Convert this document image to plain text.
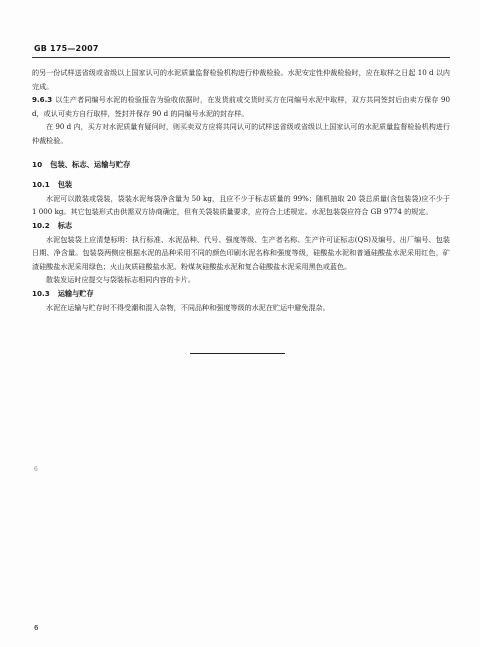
GB 175—2007

的另一份试样送省级或省级以上国家认可的水泥质量监督检验机构进行仲裁检验。水泥安定性仲裁检验时，应在取样之日起 10 d 以内完成。

9.6.3 以生产者同编号水泥的检验报告为验收依据时，在发货前或交货时买方在同编号水泥中取样，双方共同签封后由卖方保存 90 d，或认可卖方自行取样，签封并保存 90 d 的同编号水泥的封存样。

在 90 d 内，买方对水泥质量有疑问时，则买卖双方应将共同认可的试样送省级或省级以上国家认可的水泥质量监督检验机构进行仲裁检验。

10 包装、标志、运输与贮存

10.1 包装

水泥可以散装或袋装，袋装水泥每袋净含量为 50 kg，且应不少于标志质量的 99%；随机抽取 20 袋总质量(含包装袋)应不少于 1 000 kg。其它包装形式由供需双方协商确定，但有关袋装质量要求，应符合上述规定。水泥包装袋应符合 GB 9774 的规定。

10.2 标志

水泥包装袋上应清楚标明：执行标准、水泥品种、代号、强度等级、生产者名称、生产许可证标志(QS)及编号、出厂编号、包装日期、净含量。包装袋两侧应根据水泥的品种采用不同的颜色印刷水泥名称和强度等级，硅酸盐水泥和普通硅酸盐水泥采用红色，矿渣硅酸盐水泥采用绿色；火山灰质硅酸盐水泥、粉煤灰硅酸盐水泥和复合硅酸盐水泥采用黑色或蓝色。

散装发运时应提交与袋装标志相同内容的卡片。

10.3 运输与贮存

水泥在运输与贮存时不得受潮和混入杂物，不同品种和强度等级的水泥在贮运中避免混杂。

6
6
